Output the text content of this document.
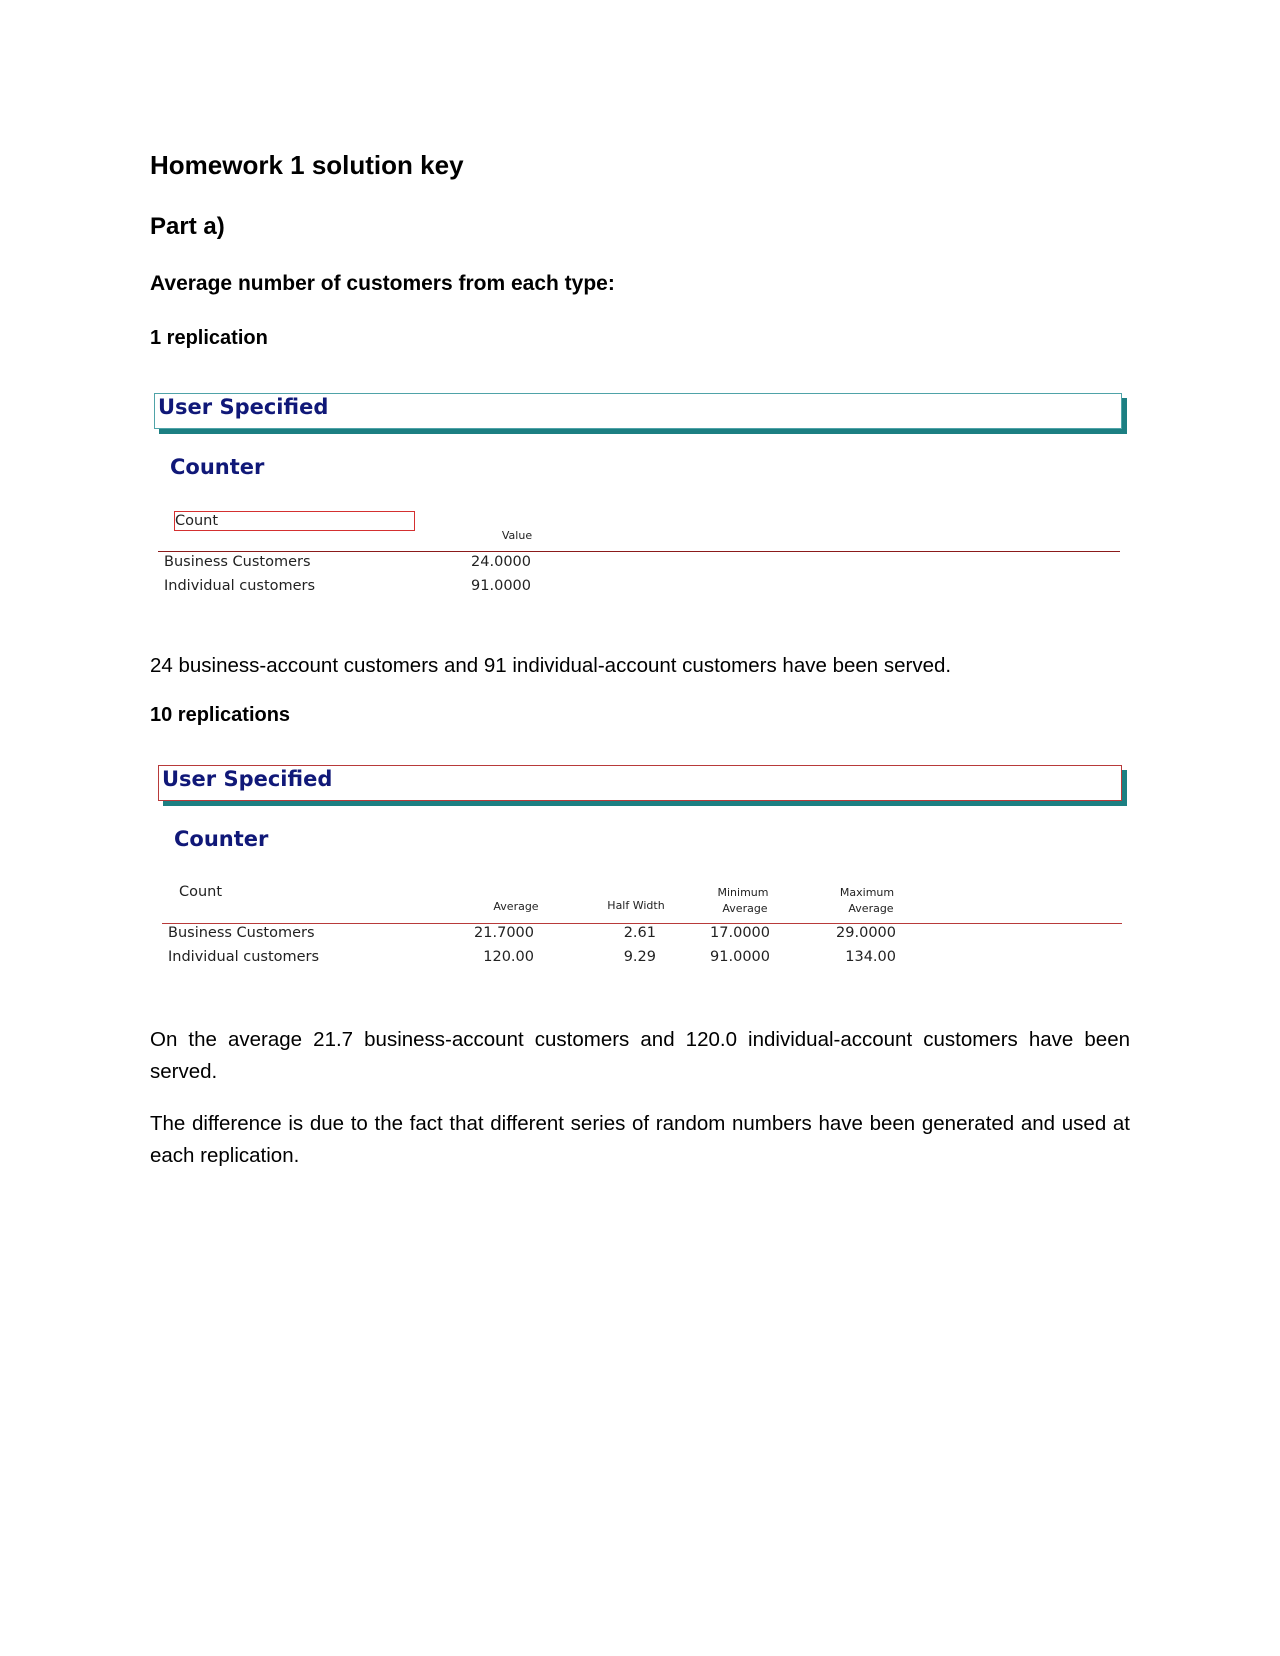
Homework 1 solution key
Part a)
Average number of customers from each type:
1 replication
User Specified
Counter
Count
Value
Business Customers	24.0000
Individual customers	91.0000
24 business-account customers and 91 individual-account customers have been served.
10 replications
User Specified
Counter
Count
Average	Half Width
Minimum
Average
Maximum
Average
Business Customers	21.7000	2.61	17.0000	29.0000
Individual customers	120.00	9.29	91.0000	134.00
On the average 21.7 business-account customers and 120.0 individual-account customers have been served.
The difference is due to the fact that different series of random numbers have been generated and used at each replication.
